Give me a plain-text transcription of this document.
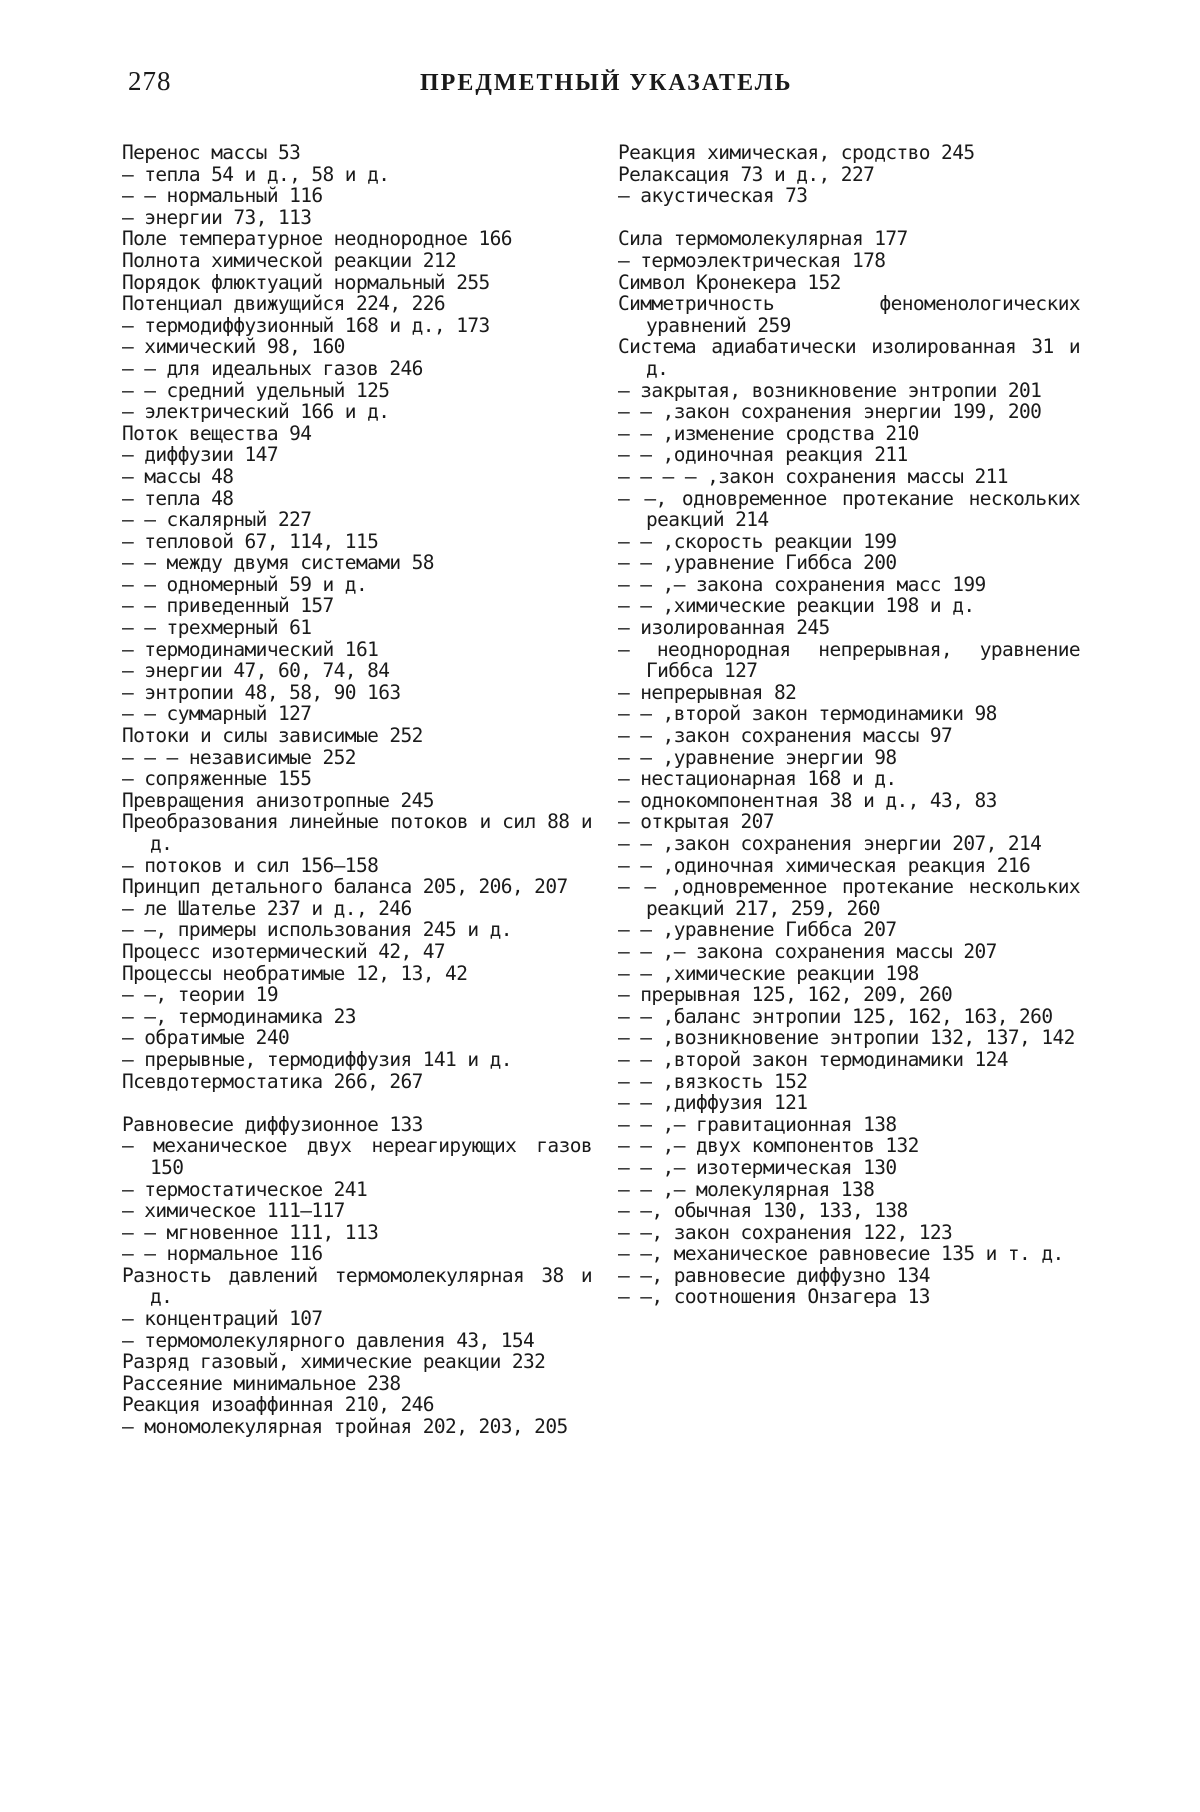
278	ПРЕДМЕТНЫЙ УКАЗАТЕЛЬ
Перенос массы 53
— тепла 54 и д., 58 и д.
— — нормальный 116
— энергии 73, 113
Поле температурное неоднородное 166
Полнота химической реакции 212
Порядок флюктуаций нормальный 255
Потенциал движущийся 224, 226
— термодиффузионный 168 и д., 173
— химический 98, 160
— — для идеальных газов 246
— — средний удельный 125
— электрический 166 и д.
Поток вещества 94
— диффузии 147
— массы 48
— тепла 48
— — скалярный 227
— тепловой 67, 114, 115
— — между двумя системами 58
— — одномерный 59 и д.
— — приведенный 157
— — трехмерный 61
— термодинамический 161
— энергии 47, 60, 74, 84
— энтропии 48, 58, 90 163
— — суммарный 127
Потоки и силы зависимые 252
— — — независимые 252
— сопряженные 155
Превращения анизотропные 245
Преобразования линейные потоков и сил 88 и д.
— потоков и сил 156—158
Принцип детального баланса 205, 206, 207
— ле Шателье 237 и д., 246
— —, примеры использования 245 и д.
Процесс изотермический 42, 47
Процессы необратимые 12, 13, 42
— —, теории 19
— —, термодинамика 23
— обратимые 240
— прерывные, термодиффузия 141 и д.
Псевдотермостатика 266, 267
Равновесие диффузионное 133
— механическое двух нереагирующих газов 150
— термостатическое 241
— химическое 111—117
— — мгновенное 111, 113
— — нормальное 116
Разность давлений термомолекулярная 38 и д.
— концентраций 107
— термомолекулярного давления 43, 154
Разряд газовый, химические реакции 232
Рассеяние минимальное 238
Реакция изоаффинная 210, 246
— мономолекулярная тройная 202, 203, 205
Реакция химическая, сродство 245
Релаксация 73 и д., 227
— акустическая 73
Сила термомолекулярная 177
— термоэлектрическая 178
Символ Кронекера 152
Симметричность феноменологических уравнений 259
Система адиабатически изолированная 31 и д.
— закрытая, возникновение энтропии 201
— — ,закон сохранения энергии 199, 200
— — ,изменение сродства 210
— — ,одиночная реакция 211
— — — — ,закон сохранения массы 211
— —, одновременное протекание нескольких реакций 214
— — ,скорость реакции 199
— — ,уравнение Гиббса 200
— — ,— закона сохранения масс 199
— — ,химические реакции 198 и д.
— изолированная 245
— неоднородная непрерывная, уравнение Гиббса 127
— непрерывная 82
— — ,второй закон термодинамики 98
— — ,закон сохранения массы 97
— — ,уравнение энергии 98
— нестационарная 168 и д.
— однокомпонентная 38 и д., 43, 83
— открытая 207
— — ,закон сохранения энергии 207, 214
— — ,одиночная химическая реакция 216
— — ,одновременное протекание нескольких реакций 217, 259, 260
— — ,уравнение Гиббса 207
— — ,— закона сохранения массы 207
— — ,химические реакции 198
— прерывная 125, 162, 209, 260
— — ,баланс энтропии 125, 162, 163, 260
— — ,возникновение энтропии 132, 137, 142
— — ,второй закон термодинамики 124
— — ,вязкость 152
— — ,диффузия 121
— — ,— гравитационная 138
— — ,— двух компонентов 132
— — ,— изотермическая 130
— — ,— молекулярная 138
— —, обычная 130, 133, 138
— —, закон сохранения 122, 123
— —, механическое равновесие 135 и т. д.
— —, равновесие диффузно 134
— —, соотношения Онзагера 13
